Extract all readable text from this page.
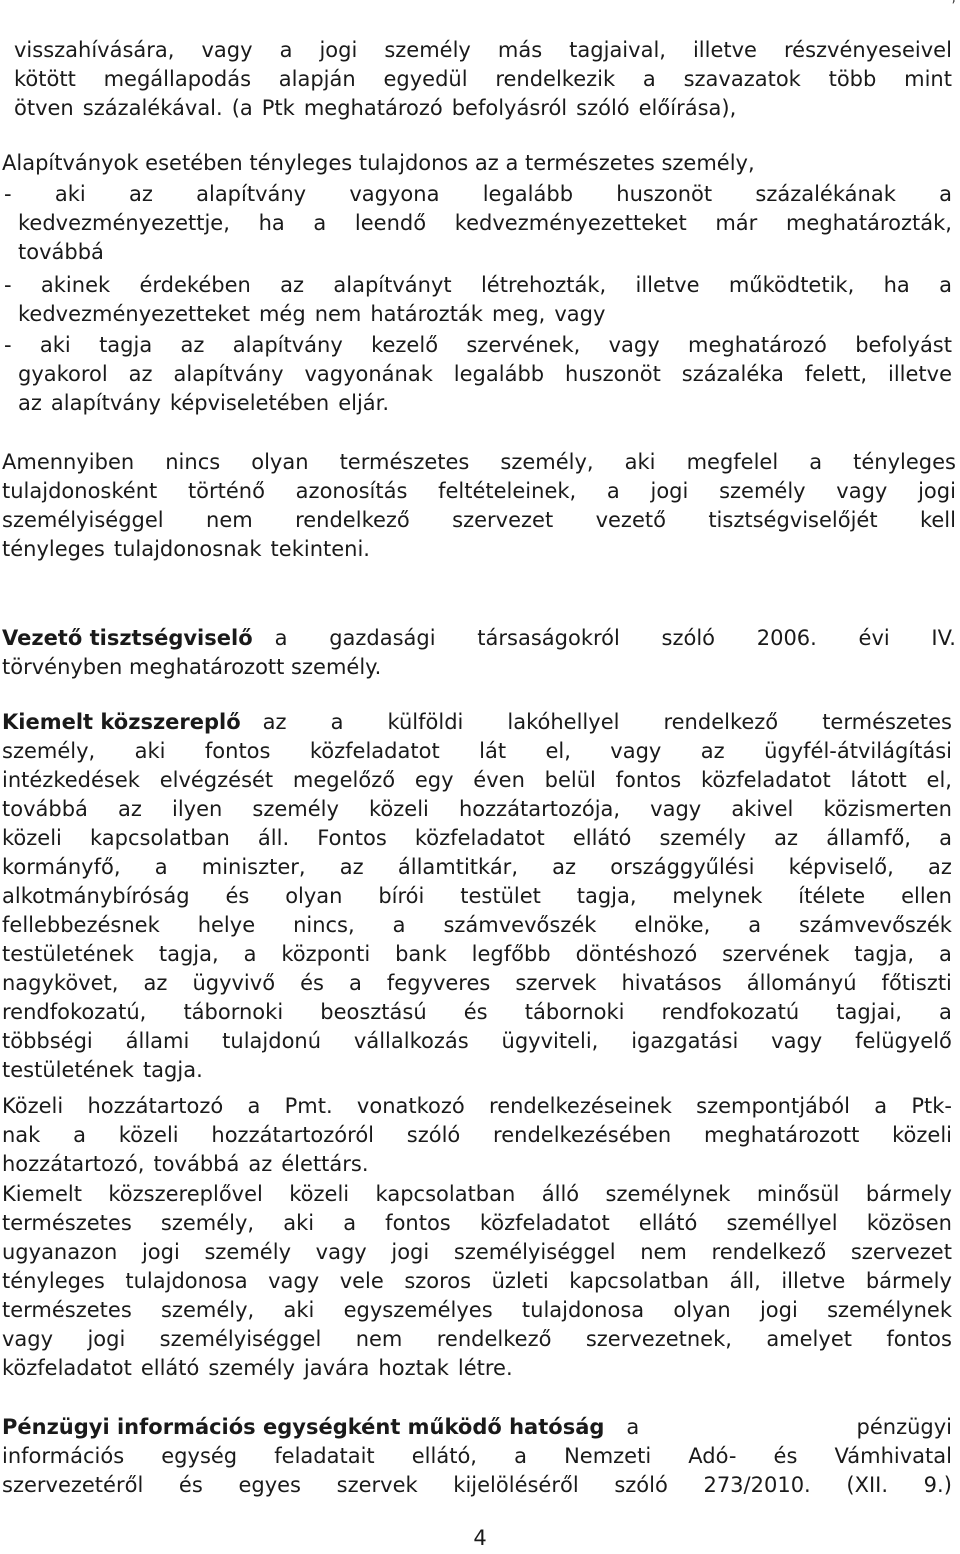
visszahívására, vagy a jogi személy más tagjaival, illetve részvényeseivel
kötött megállapodás alapján egyedül rendelkezik a szavazatok több mint
ötven százalékával. (a Ptk meghatározó befolyásról szóló előírása),
Alapítványok esetében tényleges tulajdonos az a természetes személy,
- aki az alapítvány vagyona legalább huszonöt százalékának a
kedvezményezettje, ha a leendő kedvezményezetteket már meghatározták,
továbbá
- akinek érdekében az alapítványt létrehozták, illetve működtetik, ha a
kedvezményezetteket még nem határozták meg, vagy
- aki tagja az alapítvány kezelő szervének, vagy meghatározó befolyást
gyakorol az alapítvány vagyonának legalább huszonöt százaléka felett, illetve
az alapítvány képviseletében eljár.
Amennyiben nincs olyan természetes személy, aki megfelel a tényleges
tulajdonosként történő azonosítás feltételeinek, a jogi személy vagy jogi
személyiséggel nem rendelkező szervezet vezető tisztségviselőjét kell
tényleges tulajdonosnak tekinteni.
Vezető tisztségviselő a gazdasági társaságokról szóló 2006. évi IV.
törvényben meghatározott személy.
Kiemelt közszereplő az a külföldi lakóhellyel rendelkező természetes
személy, aki fontos közfeladatot lát el, vagy az ügyfél-átvilágítási
intézkedések elvégzését megelőző egy éven belül fontos közfeladatot látott el,
továbbá az ilyen személy közeli hozzátartozója, vagy akivel közismerten
közeli kapcsolatban áll. Fontos közfeladatot ellátó személy az államfő, a
kormányfő, a miniszter, az államtitkár, az országgyűlési képviselő, az
alkotmánybíróság és olyan bírói testület tagja, melynek ítélete ellen
fellebbezésnek helye nincs, a számvevőszék elnöke, a számvevőszék
testületének tagja, a központi bank legfőbb döntéshozó szervének tagja, a
nagykövet, az ügyvivő és a fegyveres szervek hivatásos állományú főtiszti
rendfokozatú, tábornoki beosztású és tábornoki rendfokozatú tagjai, a
többségi állami tulajdonú vállalkozás ügyviteli, igazgatási vagy felügyelő
testületének tagja.
Közeli hozzátartozó a Pmt. vonatkozó rendelkezéseinek szempontjából a Ptk-
nak a közeli hozzátartozóról szóló rendelkezésében meghatározott közeli
hozzátartozó, továbbá az élettárs.
Kiemelt közszereplővel közeli kapcsolatban álló személynek minősül bármely
természetes személy, aki a fontos közfeladatot ellátó személlyel közösen
ugyanazon jogi személy vagy jogi személyiséggel nem rendelkező szervezet
tényleges tulajdonosa vagy vele szoros üzleti kapcsolatban áll, illetve bármely
természetes személy, aki egyszemélyes tulajdonosa olyan jogi személynek
vagy jogi személyiséggel nem rendelkező szervezetnek, amelyet fontos
közfeladatot ellátó személy javára hoztak létre.
Pénzügyi információs egységként működő hatóság a	pénzügyi
információs egység feladatait ellátó, a Nemzeti Adó- és Vámhivatal
szervezetéről és egyes szervek kijelöléséről szóló 273/2010. (XII. 9.)
4
